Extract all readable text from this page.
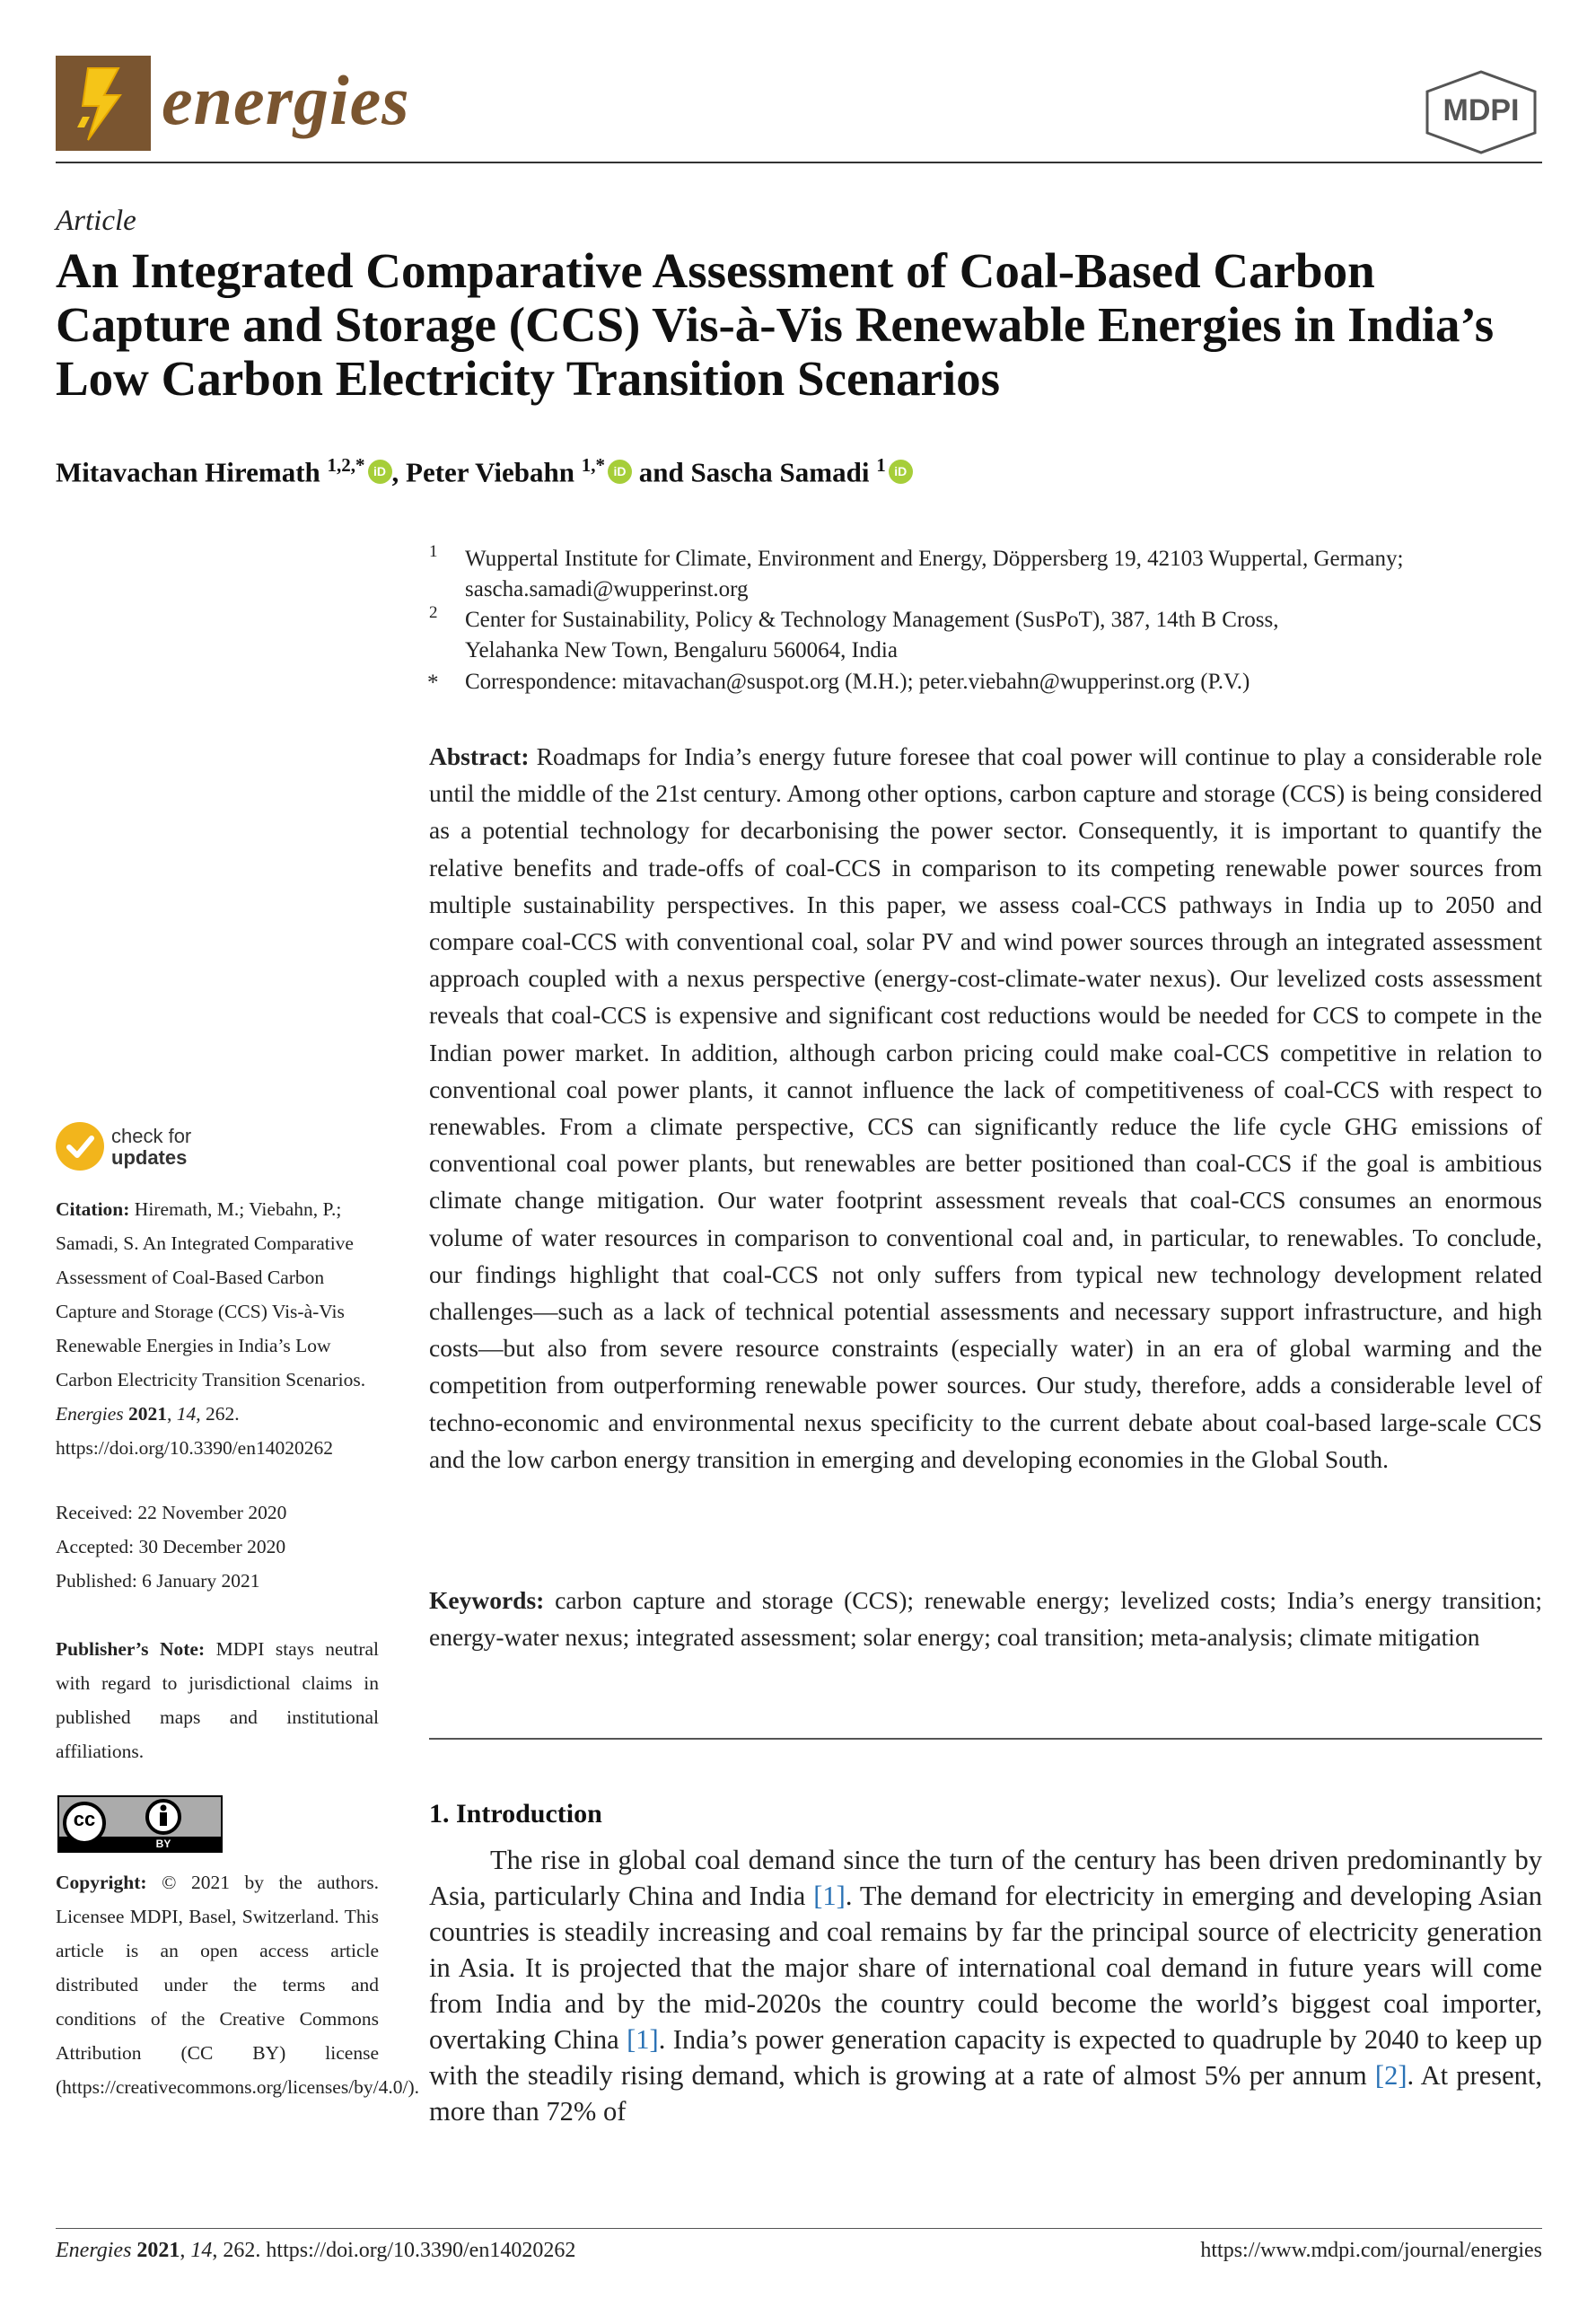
energies	MDPI
Article
An Integrated Comparative Assessment of Coal-Based Carbon Capture and Storage (CCS) Vis-à-Vis Renewable Energies in India’s Low Carbon Electricity Transition Scenarios
Mitavachan Hiremath $^{1,2,*}$ iD , Peter Viebahn $^{1,*}$ iD and Sascha Samadi $^1$ iD
1 Wuppertal Institute for Climate, Environment and Energy, Döppersberg 19, 42103 Wuppertal, Germany;
sascha.samadi@wupperinst.org
2 Center for Sustainability, Policy & Technology Management (SusPoT), 387, 14th B Cross,
Yelahanka New Town, Bengaluru 560064, India
* Correspondence: mitavachan@suspot.org (M.H.); peter.viebahn@wupperinst.org (P.V.)

Abstract: Roadmaps for India’s energy future foresee that coal power will continue to play a considerable role until the middle of the 21st century. Among other options, carbon capture and storage (CCS) is being considered as a potential technology for decarbonising the power sector. Consequently, it is important to quantify the relative benefits and trade-offs of coal-CCS in comparison to its competing renewable power sources from multiple sustainability perspectives. In this paper, we assess coal-CCS pathways in India up to 2050 and compare coal-CCS with conventional coal, solar PV and wind power sources through an integrated assessment approach coupled with a nexus perspective (energy-cost-climate-water nexus). Our levelized costs assessment reveals that coal-CCS is expensive and significant cost reductions would be needed for CCS to compete in the Indian power market. In addition, although carbon pricing could make coal-CCS competitive in relation to conventional coal power plants, it cannot influence the lack of competitiveness of coal-CCS with respect to renewables. From a climate perspective, CCS can significantly reduce the life cycle GHG emissions of conventional coal power plants, but renewables are better positioned than coal-CCS if the goal is ambitious climate change mitigation. Our water footprint assessment reveals that coal-CCS consumes an enormous volume of water resources in comparison to conventional coal and, in particular, to renewables. To conclude, our findings highlight that coal-CCS not only suffers from typical new technology development related challenges—such as a lack of technical potential assessments and necessary support infrastructure, and high costs—but also from severe resource constraints (especially water) in an era of global warming and the competition from outperforming renewable power sources. Our study, therefore, adds a considerable level of techno-economic and environmental nexus specificity to the current debate about coal-based large-scale CCS and the low carbon energy transition in emerging and developing economies in the Global South.

Keywords: carbon capture and storage (CCS); renewable energy; levelized costs; India’s energy transition; energy-water nexus; integrated assessment; solar energy; coal transition; meta-analysis; climate mitigation

1. Introduction

The rise in global coal demand since the turn of the century has been driven predominantly by Asia, particularly China and India [1]. The demand for electricity in emerging and developing Asian countries is steadily increasing and coal remains by far the principal source of electricity generation in Asia. It is projected that the major share of international coal demand in future years will come from India and by the mid-2020s the country could become the world’s biggest coal importer, overtaking China [1]. India’s power generation capacity is expected to quadruple by 2040 to keep up with the steadily rising demand, which is growing at a rate of almost 5% per annum [2]. At present, more than 72% of

check for
updates

Citation: Hiremath, M.; Viebahn, P.; Samadi, S. An Integrated Comparative Assessment of Coal-Based Carbon Capture and Storage (CCS) Vis-à-Vis Renewable Energies in India’s Low Carbon Electricity Transition Scenarios. Energies 2021, 14, 262. https://doi.org/10.3390/en14020262

Received: 22 November 2020
Accepted: 30 December 2020
Published: 6 January 2021

Publisher’s Note: MDPI stays neutral with regard to jurisdictional claims in published maps and institutional affiliations.

cc
BY

Copyright: © 2021 by the authors. Licensee MDPI, Basel, Switzerland. This article is an open access article distributed under the terms and conditions of the Creative Commons Attribution (CC BY) license (https://creativecommons.org/licenses/by/4.0/).

Energies 2021, 14, 262. https://doi.org/10.3390/en14020262	https://www.mdpi.com/journal/energies
